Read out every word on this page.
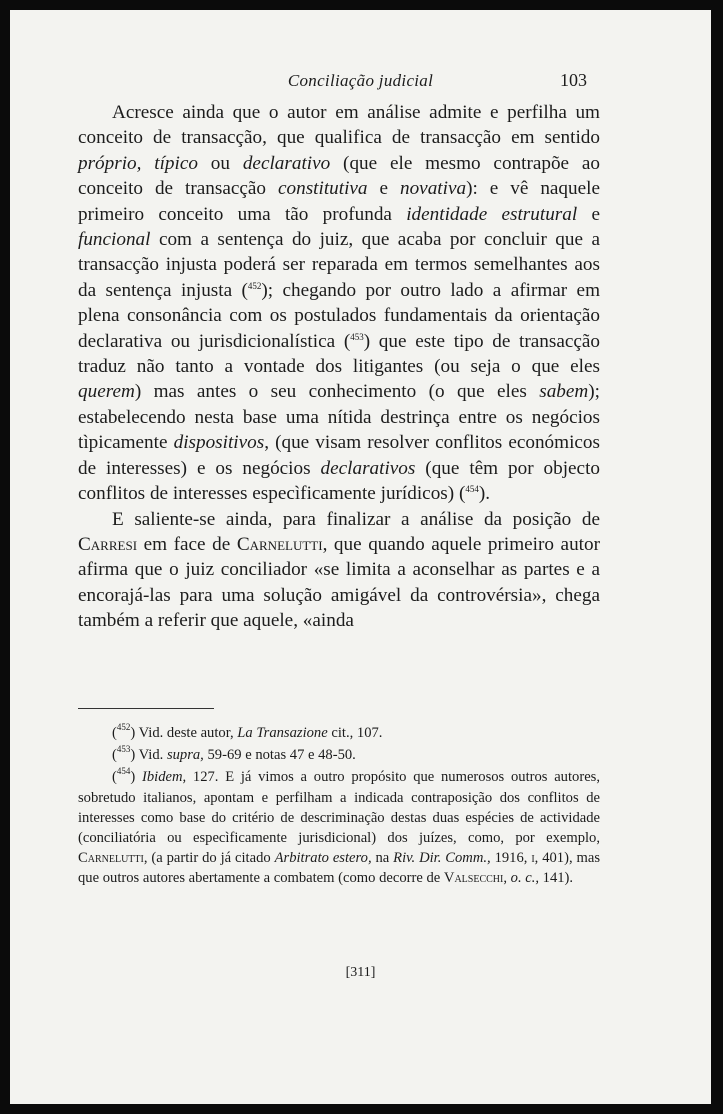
Conciliação judicial	103

Acresce ainda que o autor em análise admite e perfilha um conceito de transacção, que qualifica de transacção em sentido próprio, típico ou declarativo (que ele mesmo contrapõe ao conceito de transacção constitutiva e novativa): e vê naquele primeiro conceito uma tão profunda identidade estrutural e funcional com a sentença do juiz, que acaba por concluir que a transacção injusta poderá ser reparada em termos semelhantes aos da sentença injusta ($^{452}$); chegando por outro lado a afirmar em plena consonância com os postulados fundamentais da orientação declarativa ou jurisdicionalística ($^{453}$) que este tipo de transacção traduz não tanto a vontade dos litigantes (ou seja o que eles querem) mas antes o seu conhecimento (o que eles sabem); estabelecendo nesta base uma nítida destrinça entre os negócios tìpicamente dispositivos, (que visam resolver conflitos económicos de interesses) e os negócios declarativos (que têm por objecto conflitos de interesses especìficamente jurídicos) ($^{454}$).

E saliente-se ainda, para finalizar a análise da posição de Carresi em face de Carnelutti, que quando aquele primeiro autor afirma que o juiz conciliador «se limita a aconselhar as partes e a encorajá-las para uma solução amigável da controvérsia», chega também a referir que aquele, «ainda

($^{452}$) Vid. deste autor, La Transazione cit., 107.

($^{453}$) Vid. supra, 59-69 e notas 47 e 48-50.

($^{454}$) Ibidem, 127. E já vimos a outro propósito que numerosos outros autores, sobretudo italianos, apontam e perfilham a indicada contraposição dos conflitos de interesses como base do critério de descriminação destas duas espécies de actividade (conciliatória ou especìficamente jurisdicional) dos juízes, como, por exemplo, Carnelutti, (a partir do já citado Arbitrato estero, na Riv. Dir. Comm., 1916, i, 401), mas que outros autores abertamente a combatem (como decorre de Valsecchi, o. c., 141).

[311]
